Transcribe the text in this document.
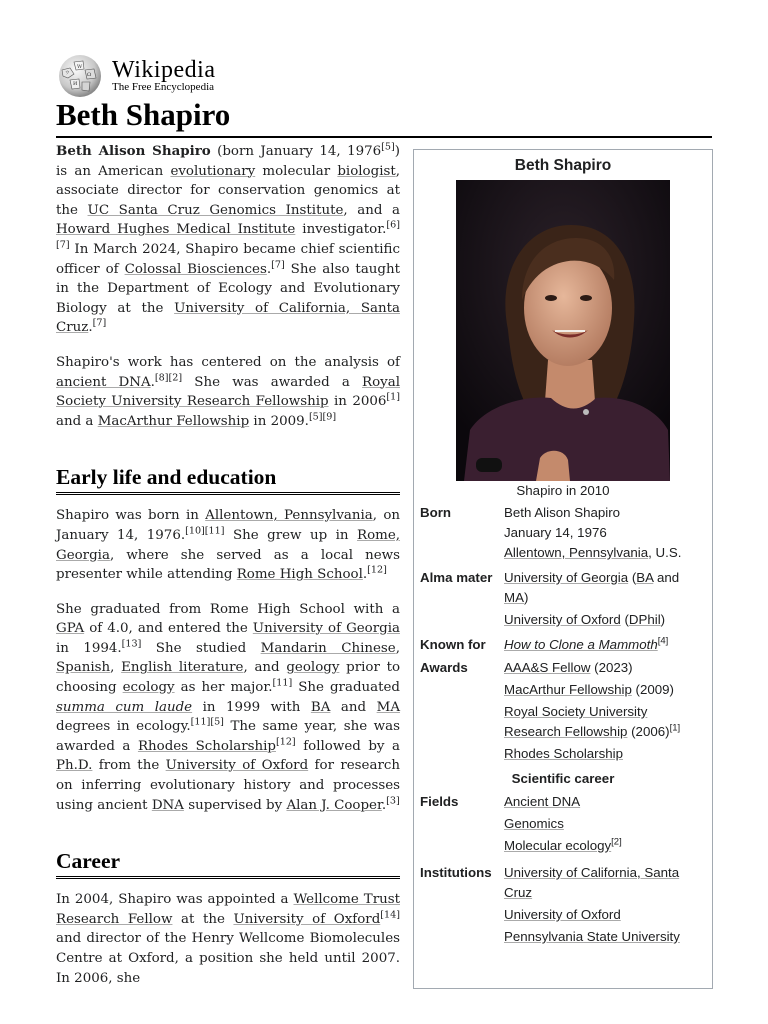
W
Ω
И
ウ Wikipedia
The Free Encyclopedia
Beth Shapiro

Beth Alison Shapiro (born January 14, 1976[5]) is an American evolutionary molecular biologist, associate director for conservation genomics at the UC Santa Cruz Genomics Institute, and a Howard Hughes Medical Institute investigator.[6][7] In March 2024, Shapiro became chief scientific officer of Colossal Biosciences.[7] She also taught in the Department of Ecology and Evolutionary Biology at the University of California, Santa Cruz.[7]

Shapiro's work has centered on the analysis of ancient DNA.[8][2] She was awarded a Royal Society University Research Fellowship in 2006[1] and a MacArthur Fellowship in 2009.[5][9]

Early life and education

Shapiro was born in Allentown, Pennsylvania, on January 14, 1976.[10][11] She grew up in Rome, Georgia, where she served as a local news presenter while attending Rome High School.[12]

She graduated from Rome High School with a GPA of 4.0, and entered the University of Georgia in 1994.[13] She studied Mandarin Chinese, Spanish, English literature, and geology prior to choosing ecology as her major.[11] She graduated summa cum laude in 1999 with BA and MA degrees in ecology.[11][5] The same year, she was awarded a Rhodes Scholarship[12] followed by a Ph.D. from the University of Oxford for research on inferring evolutionary history and processes using ancient DNA supervised by Alan J. Cooper.[3]

Career

In 2004, Shapiro was appointed a Wellcome Trust Research Fellow at the University of Oxford[14] and director of the Henry Wellcome Biomolecules Centre at Oxford, a position she held until 2007. In 2006, she

Beth Shapiro
Shapiro in 2010
Born	Beth Alison Shapiro
January 14, 1976
Allentown, Pennsylvania, U.S.
Alma mater University of Georgia (BA and MA)
University of Oxford (DPhil)
Known for	How to Clone a Mammoth[4]
Awards	AAA&S Fellow (2023)
MacArthur Fellowship (2009)
Royal Society University
Research Fellowship (2006)[1]
Rhodes Scholarship
Scientific career
Fields	Ancient DNA
Genomics
Molecular ecology[2]
Institutions University of California, Santa Cruz
University of Oxford
Pennsylvania State University
